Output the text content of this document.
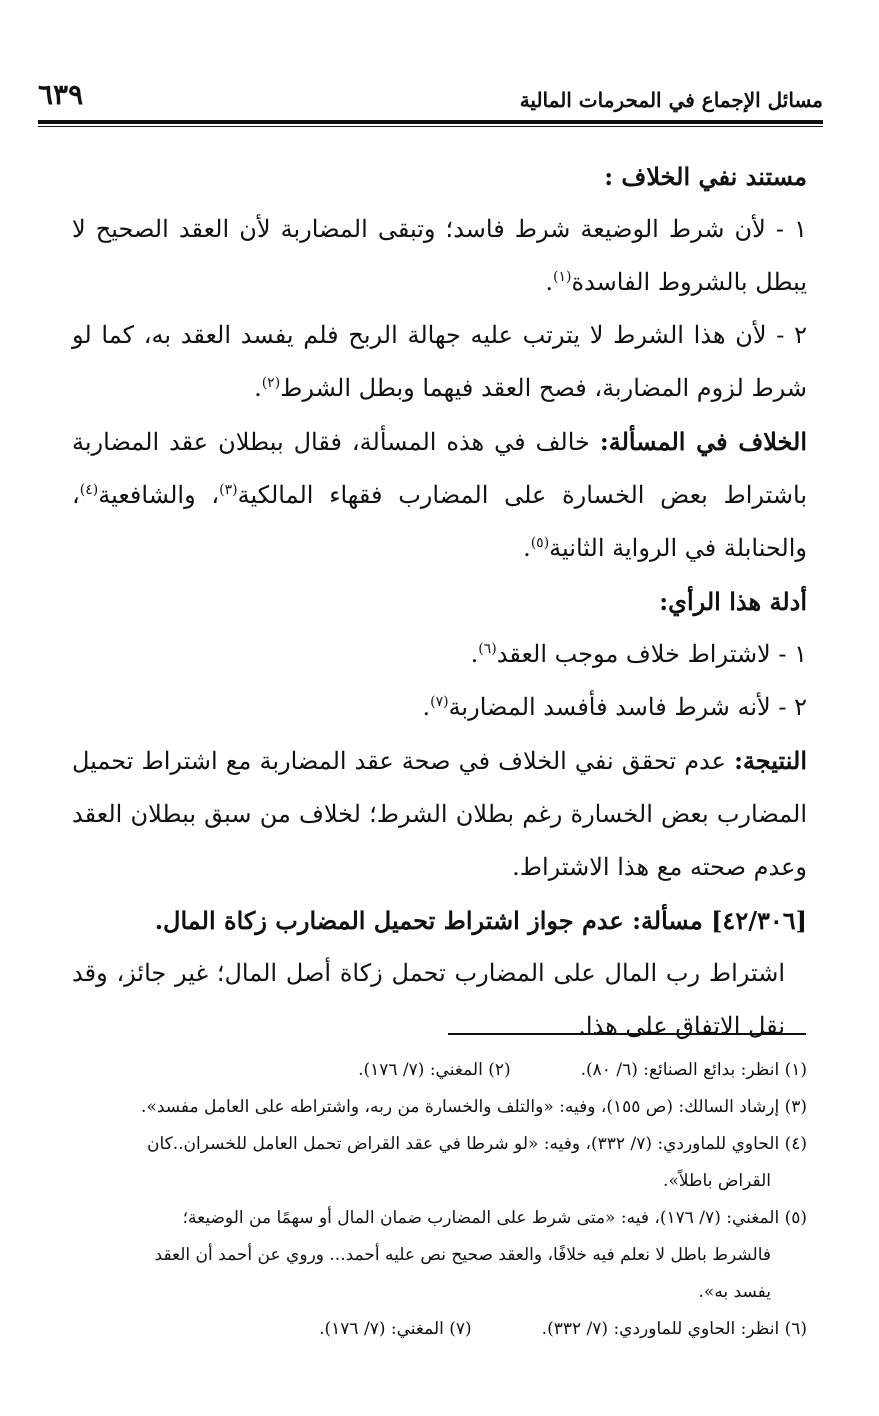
٦٣٩	مسائل الإجماع في المحرمات المالية

مستند نفي الخلاف :

١ - لأن شرط الوضيعة شرط فاسد؛ وتبقى المضاربة لأن العقد الصحيح لا يبطل بالشروط الفاسدة$^{(١)}$.

٢ - لأن هذا الشرط لا يترتب عليه جهالة الربح فلم يفسد العقد به، كما لو شرط لزوم المضاربة، فصح العقد فيهما وبطل الشرط$^{(٢)}$.

الخلاف في المسألة: خالف في هذه المسألة، فقال ببطلان عقد المضاربة باشتراط بعض الخسارة على المضارب فقهاء المالكية$^{(٣)}$، والشافعية$^{(٤)}$، والحنابلة في الرواية الثانية$^{(٥)}$.

أدلة هذا الرأي:

١ - لاشتراط خلاف موجب العقد$^{(٦)}$.

٢ - لأنه شرط فاسد فأفسد المضاربة$^{(٧)}$.

النتيجة: عدم تحقق نفي الخلاف في صحة عقد المضاربة مع اشتراط تحميل المضارب بعض الخسارة رغم بطلان الشرط؛ لخلاف من سبق ببطلان العقد وعدم صحته مع هذا الاشتراط.

[٤٢/٣٠٦] مسألة: عدم جواز اشتراط تحميل المضارب زكاة المال.

اشتراط رب المال على المضارب تحمل زكاة أصل المال؛ غير جائز، وقد نقل الاتفاق على هذا.

(١) انظر: بدائع الصنائع: (٦/ ٨٠).
(٢) المغني: (٧/ ١٧٦).

(٣) إرشاد السالك: (ص ١٥٥)، وفيه: «والتلف والخسارة من ربه، واشتراطه على العامل مفسد».

(٤) الحاوي للماوردي: (٧/ ٣٣٢)، وفيه: «لو شرطا في عقد القراض تحمل العامل للخسران..كان

القراض باطلاً».

(٥) المغني: (٧/ ١٧٦)، فيه: «متى شرط على المضارب ضمان المال أو سهمًا من الوضيعة؛

فالشرط باطل لا نعلم فيه خلافًا، والعقد صحيح نص عليه أحمد... وروي عن أحمد أن العقد

يفسد به».

(٦) انظر: الحاوي للماوردي: (٧/ ٣٣٢).
(٧) المغني: (٧/ ١٧٦).
